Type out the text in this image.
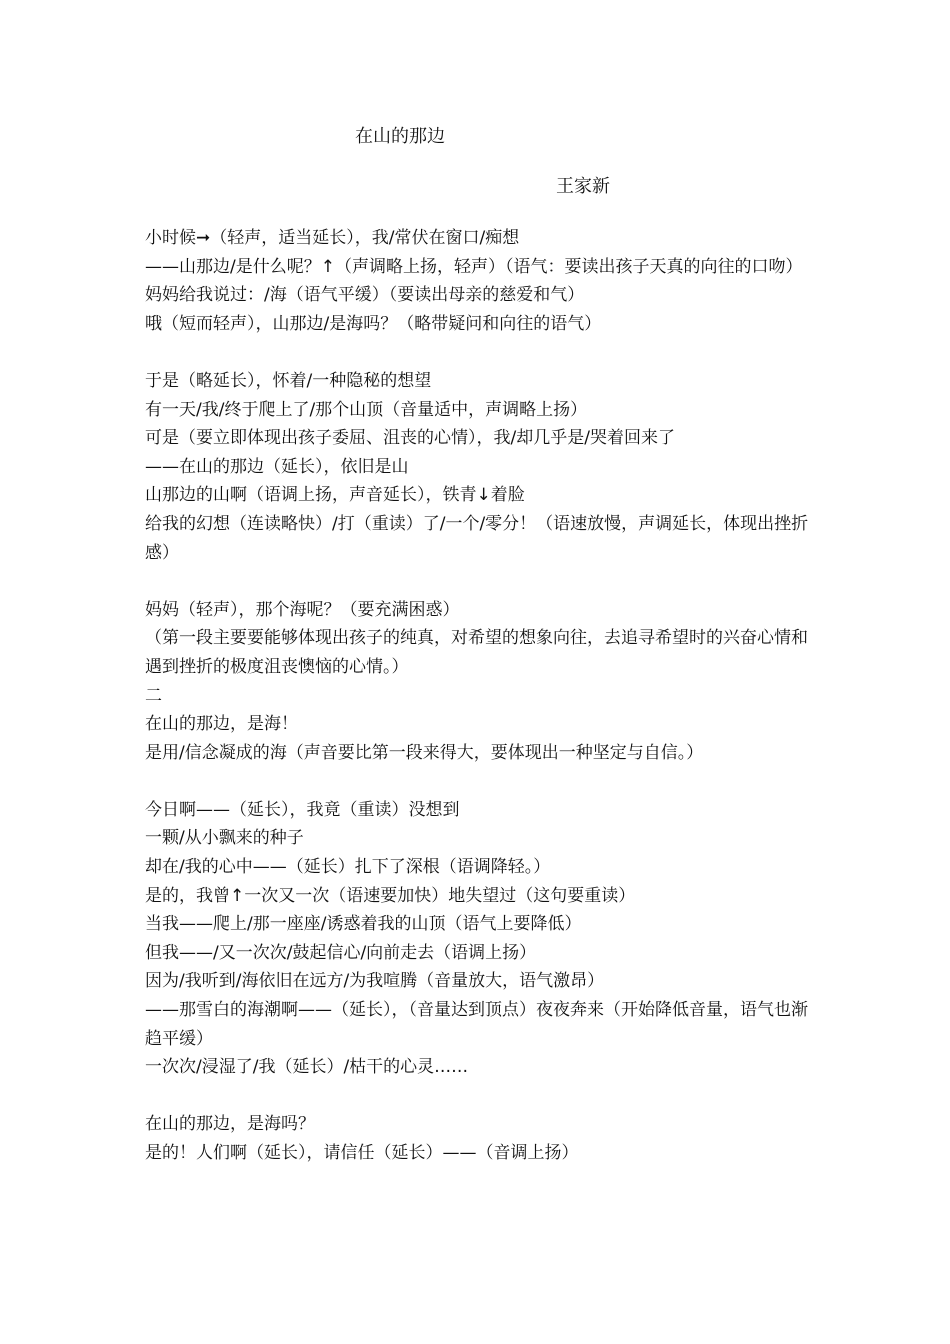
在山的那边
王家新
小时候➞（轻声，适当延长），我/常伏在窗口/痴想
——山那边/是什么呢？↑（声调略上扬，轻声）（语气：要读出孩子天真的向往的口吻）
妈妈给我说过：/海（语气平缓）（要读出母亲的慈爱和气）
哦（短而轻声），山那边/是海吗？（略带疑问和向往的语气）
于是（略延长），怀着/一种隐秘的想望
有一天/我/终于爬上了/那个山顶（音量适中，声调略上扬）
可是（要立即体现出孩子委屈、沮丧的心情），我/却几乎是/哭着回来了
——在山的那边（延长），依旧是山
山那边的山啊（语调上扬，声音延长），铁青↓着脸
给我的幻想（连读略快）/打（重读）了/一个/零分！（语速放慢，声调延长，体现出挫折感）
妈妈（轻声），那个海呢？（要充满困惑）
（第一段主要要能够体现出孩子的纯真，对希望的想象向往，去追寻希望时的兴奋心情和遇到挫折的极度沮丧懊恼的心情。）
二
在山的那边，是海！
是用/信念凝成的海（声音要比第一段来得大，要体现出一种坚定与自信。）
今日啊——（延长），我竟（重读）没想到
一颗/从小飘来的种子
却在/我的心中——（延长）扎下了深根（语调降轻。）
是的，我曾↑一次又一次（语速要加快）地失望过（这句要重读）
当我——爬上/那一座座/诱惑着我的山顶（语气上要降低）
但我——/又一次次/鼓起信心/向前走去（语调上扬）
因为/我听到/海依旧在远方/为我喧腾（音量放大，语气激昂）
——那雪白的海潮啊——（延长），（音量达到顶点）夜夜奔来（开始降低音量，语气也渐趋平缓）
一次次/浸湿了/我（延长）/枯干的心灵……
在山的那边，是海吗？
是的！人们啊（延长），请信任（延长）——（音调上扬）
